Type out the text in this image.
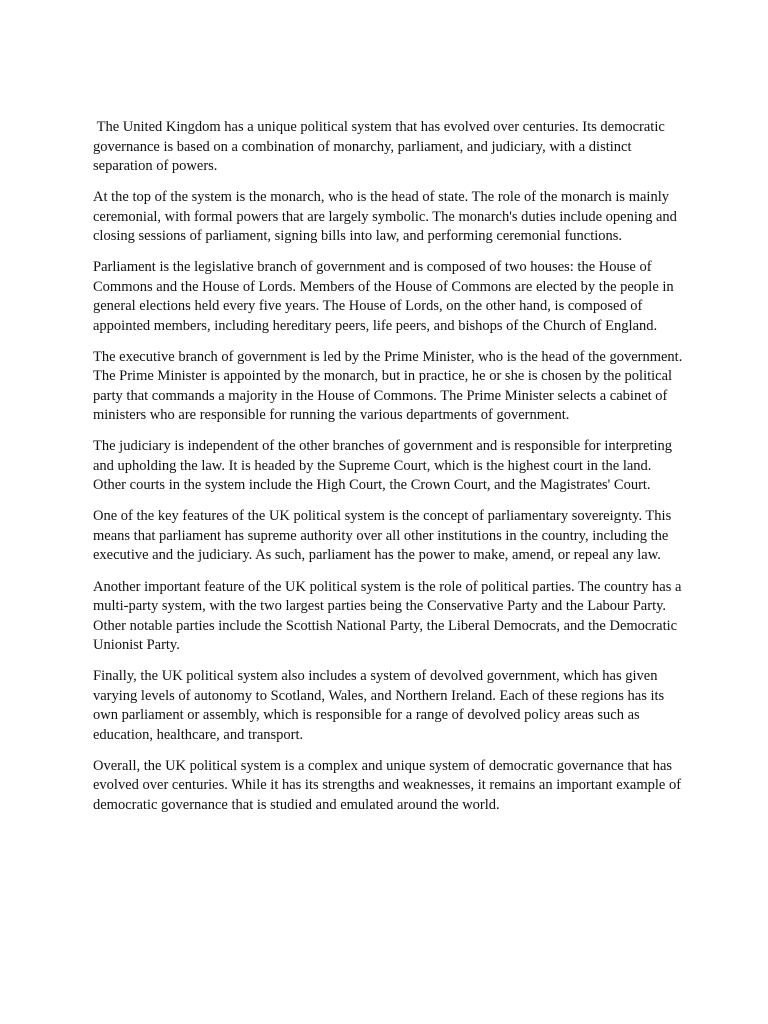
The United Kingdom has a unique political system that has evolved over centuries. Its democratic governance is based on a combination of monarchy, parliament, and judiciary, with a distinct separation of powers.

At the top of the system is the monarch, who is the head of state. The role of the monarch is mainly ceremonial, with formal powers that are largely symbolic. The monarch's duties include opening and closing sessions of parliament, signing bills into law, and performing ceremonial functions.

Parliament is the legislative branch of government and is composed of two houses: the House of Commons and the House of Lords. Members of the House of Commons are elected by the people in general elections held every five years. The House of Lords, on the other hand, is composed of appointed members, including hereditary peers, life peers, and bishops of the Church of England.

The executive branch of government is led by the Prime Minister, who is the head of the government. The Prime Minister is appointed by the monarch, but in practice, he or she is chosen by the political party that commands a majority in the House of Commons. The Prime Minister selects a cabinet of ministers who are responsible for running the various departments of government.

The judiciary is independent of the other branches of government and is responsible for interpreting and upholding the law. It is headed by the Supreme Court, which is the highest court in the land. Other courts in the system include the High Court, the Crown Court, and the Magistrates' Court.

One of the key features of the UK political system is the concept of parliamentary sovereignty. This means that parliament has supreme authority over all other institutions in the country, including the executive and the judiciary. As such, parliament has the power to make, amend, or repeal any law.

Another important feature of the UK political system is the role of political parties. The country has a multi-party system, with the two largest parties being the Conservative Party and the Labour Party. Other notable parties include the Scottish National Party, the Liberal Democrats, and the Democratic Unionist Party.

Finally, the UK political system also includes a system of devolved government, which has given varying levels of autonomy to Scotland, Wales, and Northern Ireland. Each of these regions has its own parliament or assembly, which is responsible for a range of devolved policy areas such as education, healthcare, and transport.

Overall, the UK political system is a complex and unique system of democratic governance that has evolved over centuries. While it has its strengths and weaknesses, it remains an important example of democratic governance that is studied and emulated around the world.
